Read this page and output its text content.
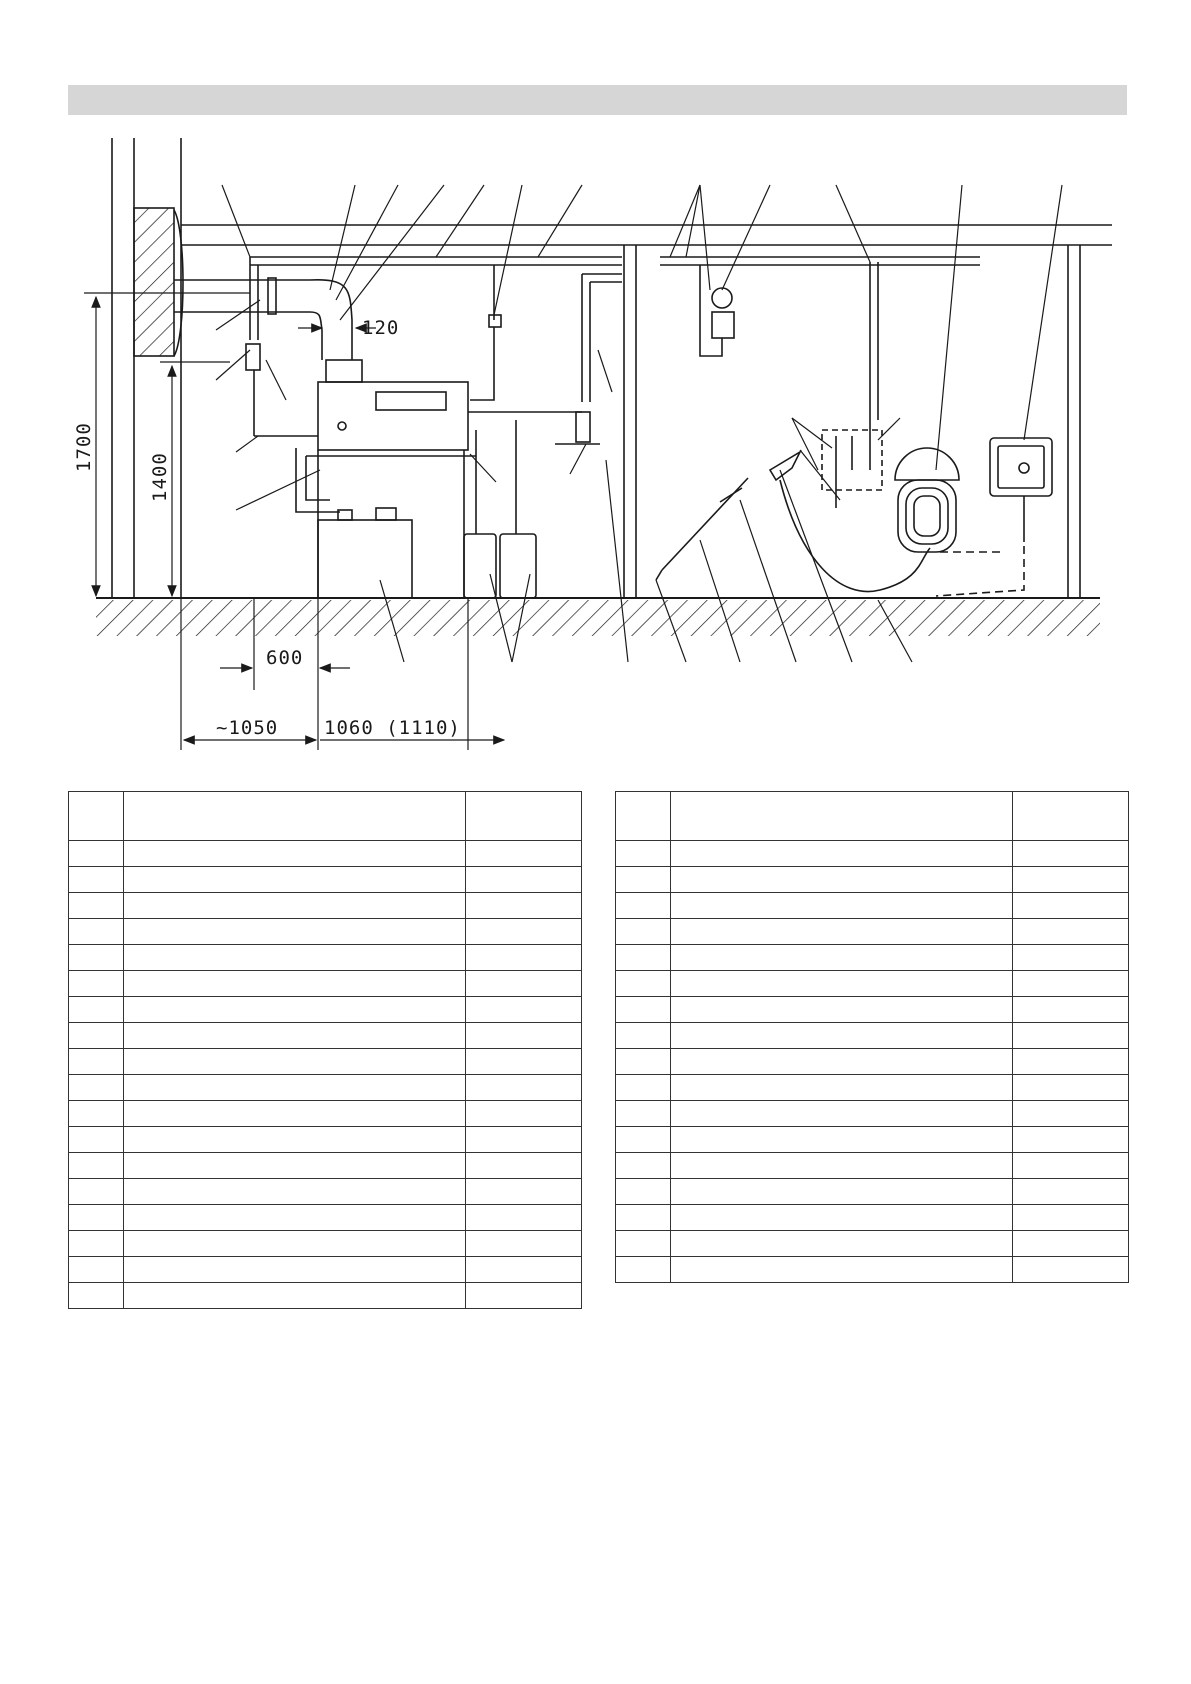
1700
1400
120
600
~1050 1060 (1110)
